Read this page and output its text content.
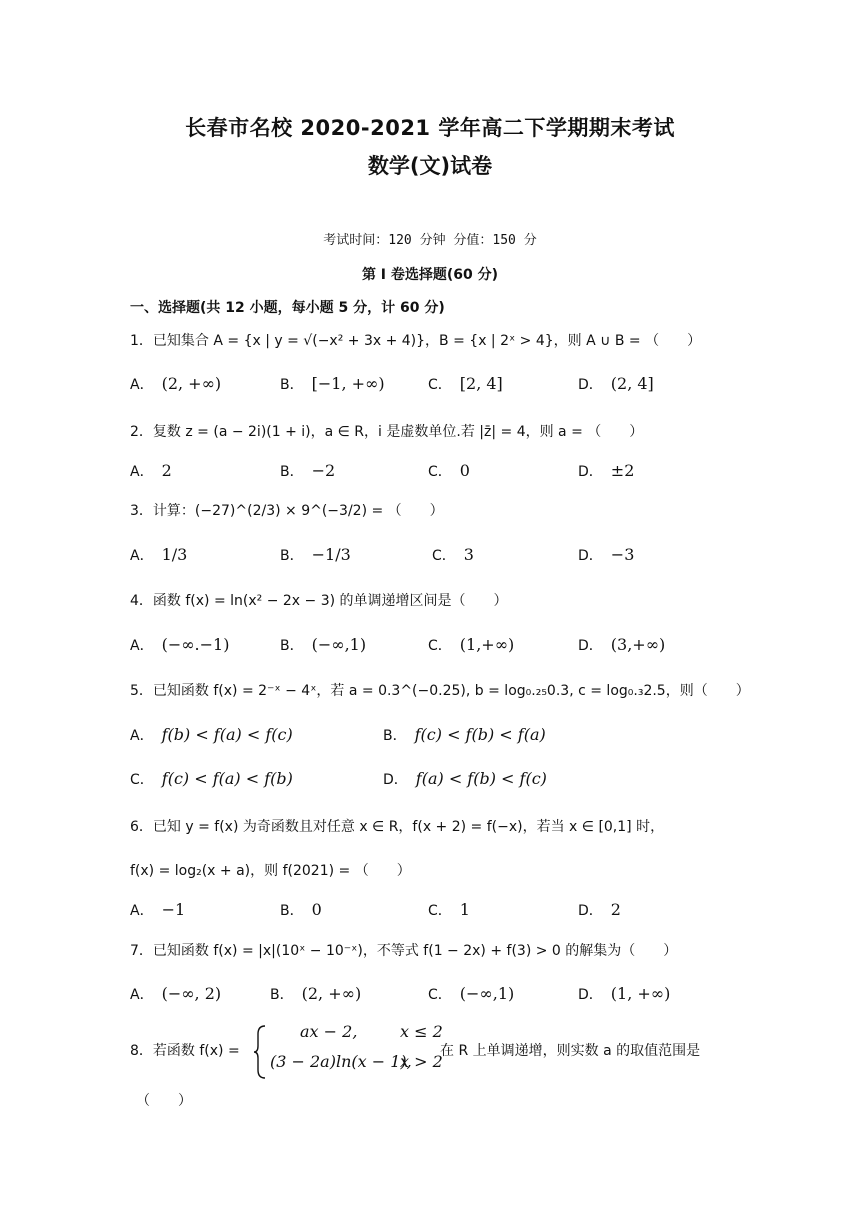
长春市名校 2020-2021 学年高二下学期期末考试
数学(文)试卷
考试时间：120 分钟 分值：150 分
第 I 卷选择题(60 分)
一、选择题(共 12 小题，每小题 5 分，计 60 分)
1．已知集合 A = {x | y = √(−x² + 3x + 4)}，B = {x | 2ˣ > 4}，则 A ∪ B = （　　）
A． (2, +∞)	B． [−1, +∞)	C． [2, 4]	D． (2, 4]
2．复数 z = (a − 2i)(1 + i)，a ∈ R，i 是虚数单位.若 |z̄| = 4，则 a = （　　）
A． 2	B． −2	C． 0	D． ±2
3．计算：(−27)^(2/3) × 9^(−3/2) = （　　）
A． 1/3	B． −1/3	C． 3	D． −3
4．函数 f(x) = ln(x² − 2x − 3) 的单调递增区间是（　　）
A． (−∞.−1)	B． (−∞,1)	C． (1,+∞)	D． (3,+∞)
5．已知函数 f(x) = 2⁻ˣ − 4ˣ，若 a = 0.3^(−0.25), b = log₀.₂₅0.3, c = log₀.₃2.5，则（　　）
A． f(b) < f(a) < f(c)	B． f(c) < f(b) < f(a)
C． f(c) < f(a) < f(b)	D． f(a) < f(b) < f(c)
6．已知 y = f(x) 为奇函数且对任意 x ∈ R，f(x + 2) = f(−x)，若当 x ∈ [0,1] 时，
f(x) = log₂(x + a)，则 f(2021) = （　　）
A． −1	B． 0	C． 1	D． 2
7．已知函数 f(x) = |x|(10ˣ − 10⁻ˣ)，不等式 f(1 − 2x) + f(3) > 0 的解集为（　　）
A． (−∞, 2)	B． (2, +∞)	C． (−∞,1)	D． (1, +∞)
8．若函数 f(x) =
ax − 2,	x ≤ 2
(3 − 2a)ln(x − 1),
x > 2
在 R 上单调递增，则实数 a 的取值范围是
（　　）
